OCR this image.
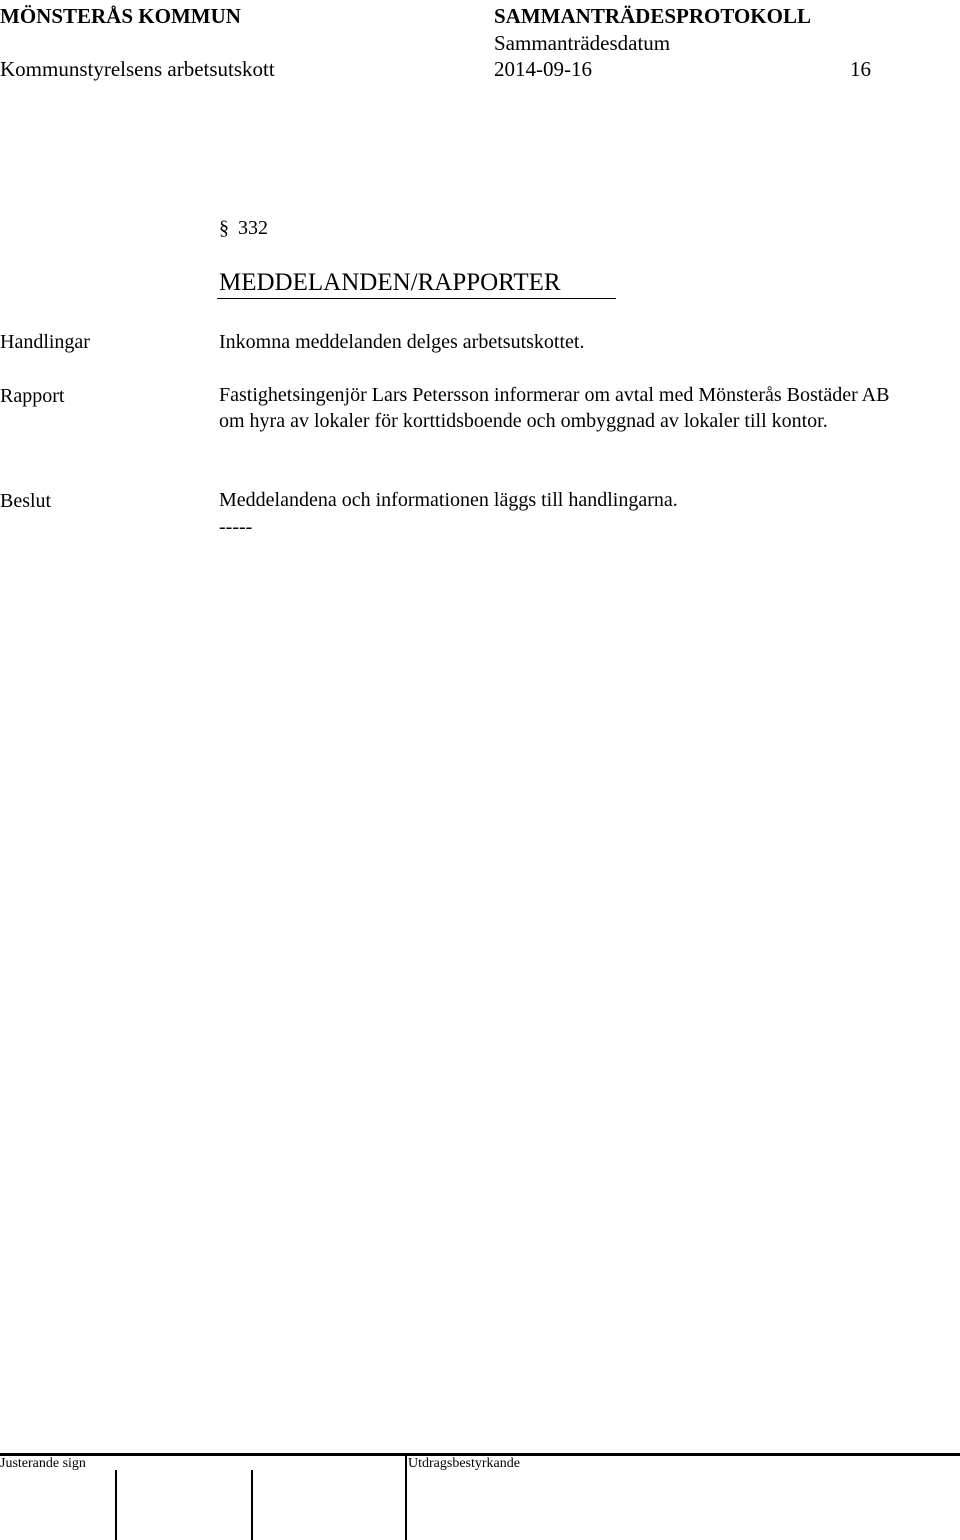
MÖNSTERÅS KOMMUN	SAMMANTRÄDESPROTOKOLL
Sammanträdesdatum
Kommunstyrelsens arbetsutskott	2014-09-16	16
§ 332
MEDDELANDEN/RAPPORTER
Handlingar	Inkomna meddelanden delges arbetsutskottet.
Rapport	Fastighetsingenjör Lars Petersson informerar om avtal med Mönsterås Bostäder AB om hyra av lokaler för korttidsboende och ombyggnad av lokaler till kontor.
Beslut	Meddelandena och informationen läggs till handlingarna.
-----
Justerande sign	Utdragsbestyrkande
